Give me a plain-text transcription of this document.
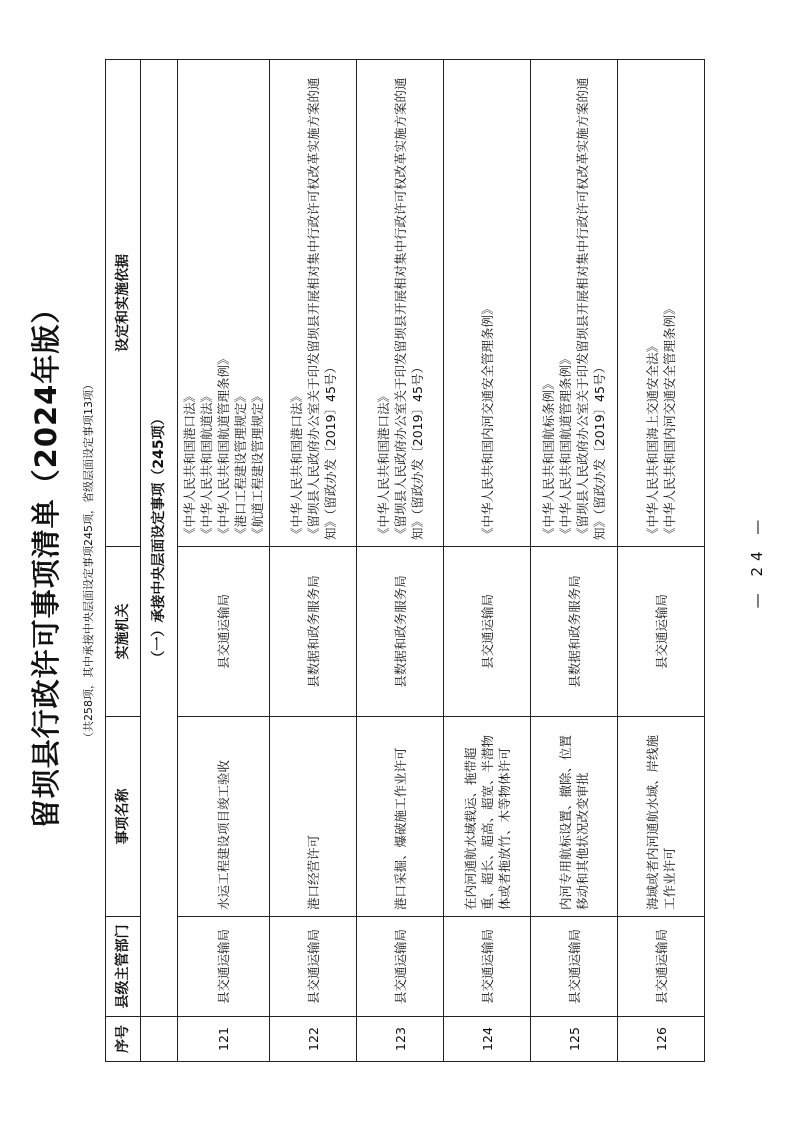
留坝县行政许可事项清单（2024年版） （共258项，其中承接中央层面设定事项245项，省级层面设定事项13项）
序号	县级主管部门	事项名称	实施机关	设定和实施依据
	（一）承接中央层面设定事项（245项）			
121	县交通运输局	水运工程建设项目竣工验收	县交通运输局	《中华人民共和国港口法》 《中华人民共和国航道法》 《中华人民共和国航道管理条例》 《港口工程建设管理规定》 《航道工程建设管理规定》

122	县交通运输局	港口经营许可	县数据和政务服务局	《中华人民共和国港口法》 《留坝县人民政府办公室关于印发留坝县开展相对集中行政许可权改革实施方案的通知》（留政办发〔2019〕45号）

123	县交通运输局	港口采掘、爆破施工作业许可	县数据和政务服务局	《中华人民共和国港口法》 《留坝县人民政府办公室关于印发留坝县开展相对集中行政许可权改革实施方案的通知》（留政办发〔2019〕45号）

124	县交通运输局	在内河通航水域载运、拖带超重、超长、超高、超宽、半潜物体或者拖放竹、木等物体许可	县交通运输局	《中华人民共和国内河交通安全管理条例》

125	县交通运输局	内河专用航标设置、撤除、位置移动和其他状况改变审批	县数据和政务服务局	《中华人民共和国航标条例》 《中华人民共和国航道管理条例》 《留坝县人民政府办公室关于印发留坝县开展相对集中行政许可权改革实施方案的通知》（留政办发〔2019〕45号）

126	县交通运输局	海域或者内河通航水域、岸线施工作业许可	县交通运输局	《中华人民共和国海上交通安全法》 《中华人民共和国内河交通安全管理条例》
— 24 —
